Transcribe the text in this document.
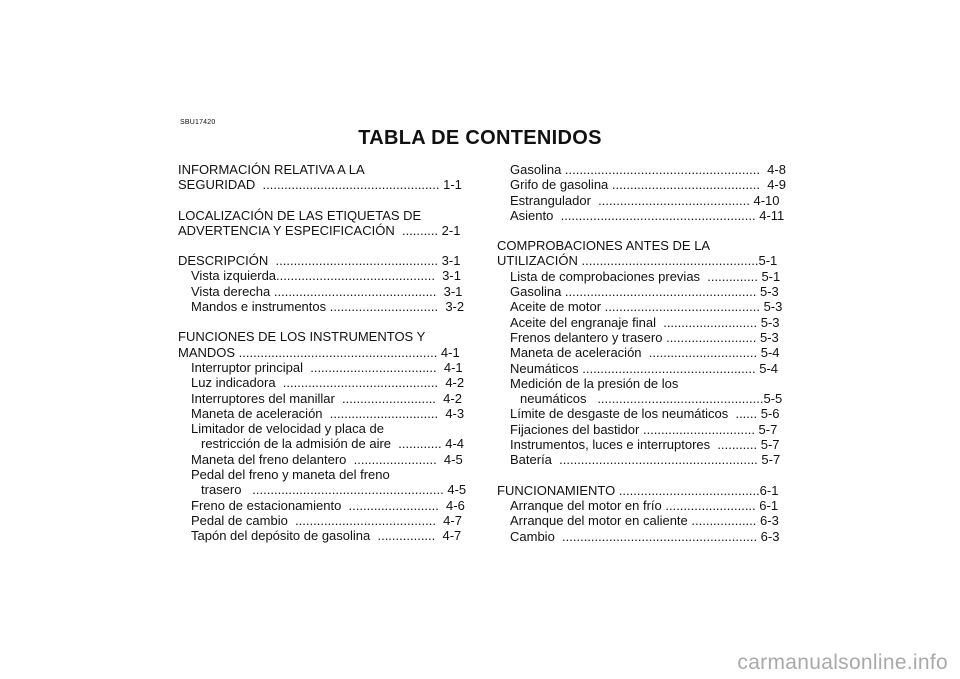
SBU17420
TABLA DE CONTENIDOS
INFORMACIÓN RELATIVA A LA
SEGURIDAD  ................................................. 1-1
LOCALIZACIÓN DE LAS ETIQUETAS DE
ADVERTENCIA Y ESPECIFICACIÓN  .......... 2-1
DESCRIPCIÓN  ............................................. 3-1
Vista izquierda............................................  3-1
Vista derecha .............................................  3-1
Mandos e instrumentos ..............................  3-2
FUNCIONES DE LOS INSTRUMENTOS Y
MANDOS ....................................................... 4-1
Interruptor principal  ...................................  4-1
Luz indicadora  ...........................................  4-2
Interruptores del manillar  ..........................  4-2
Maneta de aceleración  ..............................  4-3
Limitador de velocidad y placa de
restricción de la admisión de aire  ............ 4-4
Maneta del freno delantero  .......................  4-5
Pedal del freno y maneta del freno
trasero   ..................................................... 4-5
Freno de estacionamiento  .........................  4-6
Pedal de cambio  .......................................  4-7
Tapón del depósito de gasolina  ................  4-7
Gasolina ......................................................  4-8
Grifo de gasolina .........................................  4-9
Estrangulador  .......................................... 4-10
Asiento  ...................................................... 4-11
COMPROBACIONES ANTES DE LA
UTILIZACIÓN .................................................5-1
Lista de comprobaciones previas  .............. 5-1
Gasolina ..................................................... 5-3
Aceite de motor ........................................... 5-3
Aceite del engranaje final  .......................... 5-3
Frenos delantero y trasero ......................... 5-3
Maneta de aceleración  .............................. 5-4
Neumáticos ................................................ 5-4
Medición de la presión de los
neumáticos   ..............................................5-5
Límite de desgaste de los neumáticos  ...... 5-6
Fijaciones del bastidor ............................... 5-7
Instrumentos, luces e interruptores  ........... 5-7
Batería  ....................................................... 5-7
FUNCIONAMIENTO .......................................6-1
Arranque del motor en frío ......................... 6-1
Arranque del motor en caliente .................. 6-3
Cambio  ...................................................... 6-3
carmanualsonline.info
